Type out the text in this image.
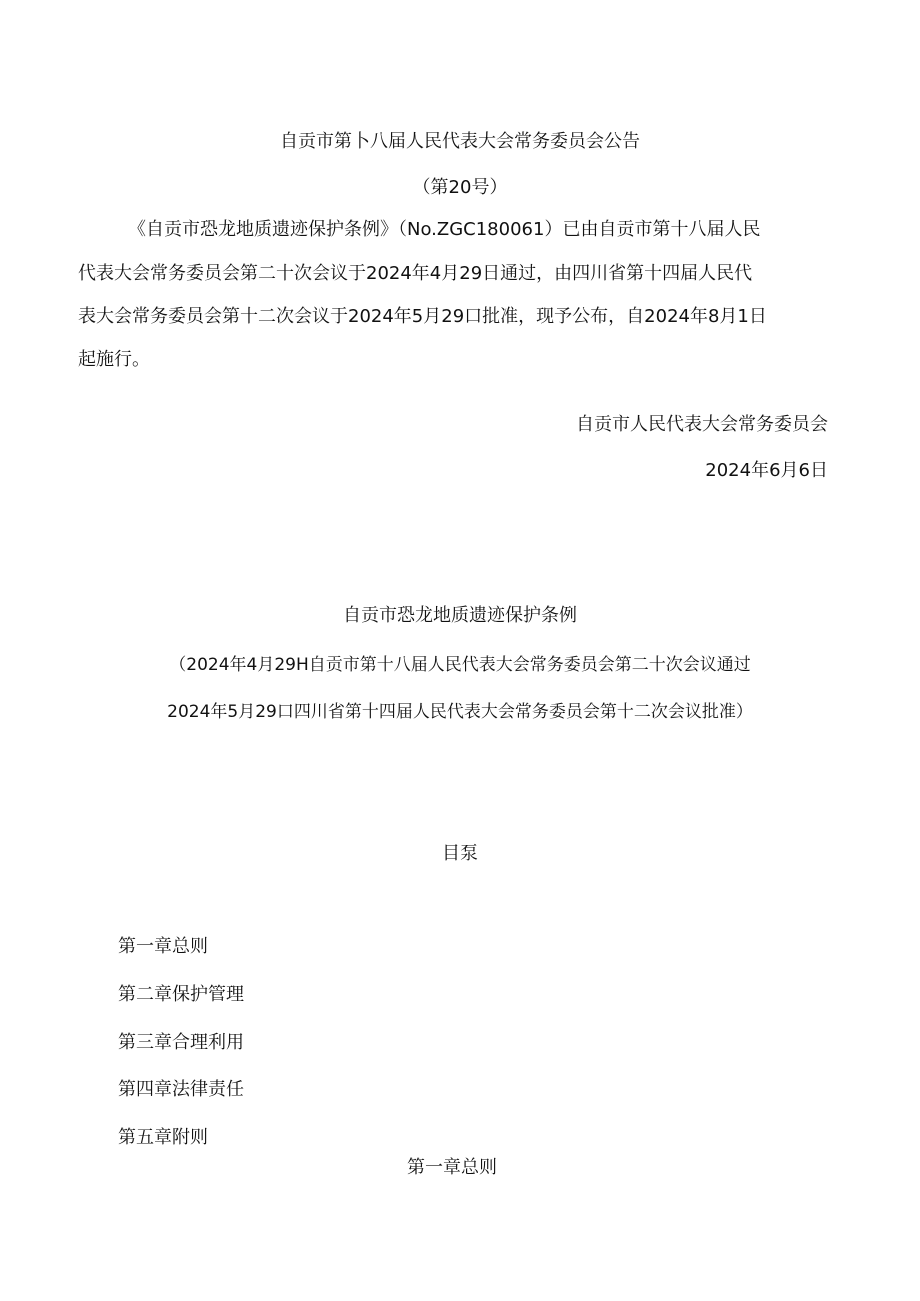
自贡市第卜八届人民代表大会常务委员会公告
（第20号）
《自贡市恐龙地质遗迹保护条例》（No.ZGC180061）已由自贡市第十八届人民
代表大会常务委员会第二十次会议于2024年4月29日通过，由四川省第十四届人民代
表大会常务委员会第十二次会议于2024年5月29口批准，现予公布，自2024年8月1日
起施行。
自贡市人民代表大会常务委员会
2024年6月6日
自贡市恐龙地质遗迹保护条例
（2024年4月29H自贡市第十八届人民代表大会常务委员会第二十次会议通过
2024年5月29口四川省第十四届人民代表大会常务委员会第十二次会议批准）
目泵
第一章总则
第二章保护管理
第三章合理利用
第四章法律责任
第五章附则
第一章总则
